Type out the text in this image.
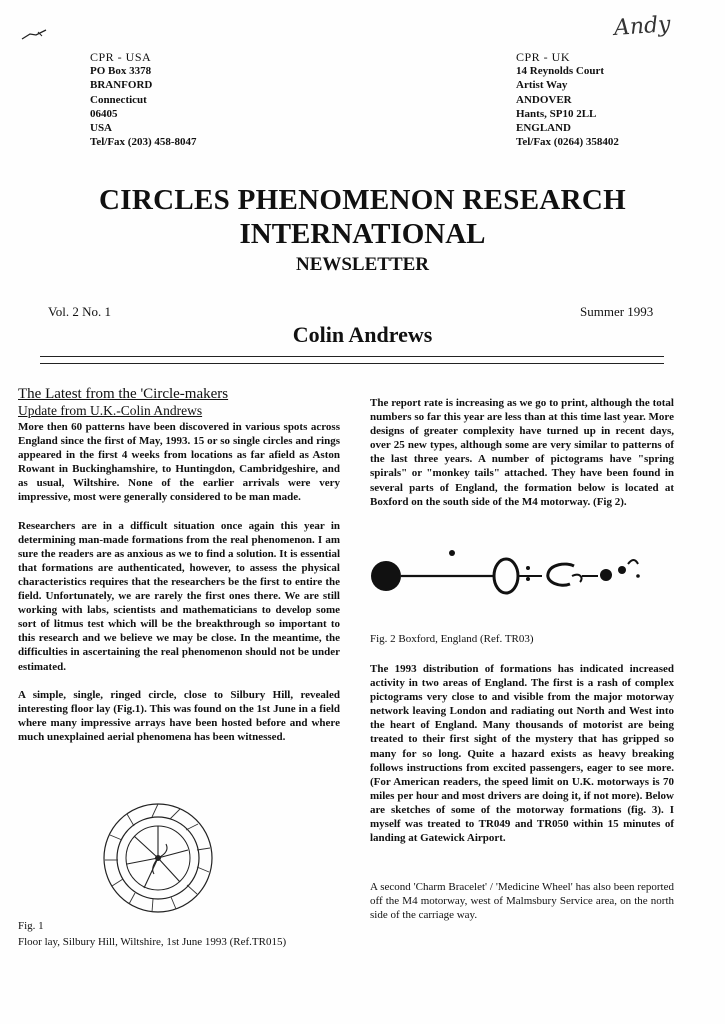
Andy
CPR - USA
PO Box 3378
BRANFORD
Connecticut
06405
USA
Tel/Fax (203) 458-8047
CPR - UK
14 Reynolds Court
Artist Way
ANDOVER
Hants, SP10 2LL
ENGLAND
Tel/Fax (0264) 358402
CIRCLES PHENOMENON RESEARCH
INTERNATIONAL
NEWSLETTER
Vol. 2 No. 1	Summer 1993
Colin Andrews
The Latest from the 'Circle-makers
Update from U.K.-Colin Andrews

More then 60 patterns have been discovered in various spots across England since the first of May, 1993. 15 or so single circles and rings appeared in the first 4 weeks from locations as far afield as Aston Rowant in Buckinghamshire, to Huntingdon, Cambridgeshire, and as usual, Wiltshire. None of the earlier arrivals were very impressive, most were generally considered to be man made.

Researchers are in a difficult situation once again this year in determining man-made formations from the real phenomenon. I am sure the readers are as anxious as we to find a solution. It is essential that formations are authenticated, however, to assess the physical characteristics requires that the researchers be the first to entire the field. Unfortunately, we are rarely the first ones there. We are still working with labs, scientists and mathematicians to develop some sort of litmus test which will be the breakthrough so important to this research and we believe we may be close. In the meantime, the difficulties in ascertaining the real phenomenon should not be under estimated.

A simple, single, ringed circle, close to Silbury Hill, revealed interesting floor lay (Fig.1). This was found on the 1st June in a field where many impressive arrays have been hosted before and where much unexplained aerial phenomena has been witnessed.

Fig. 1
Floor lay, Silbury Hill, Wiltshire, 1st June 1993 (Ref.TR015)

The report rate is increasing as we go to print, although the total numbers so far this year are less than at this time last year. More designs of greater complexity have turned up in recent days, over 25 new types, although some are very similar to patterns of the last three years. A number of pictograms have "spring spirals" or "monkey tails" attached. They have been found in several parts of England, the formation below is located at Boxford on the south side of the M4 motorway. (Fig 2).

Fig. 2 Boxford, England (Ref. TR03)

The 1993 distribution of formations has indicated increased activity in two areas of England. The first is a rash of complex pictograms very close to and visible from the major motorway network leaving London and radiating out North and West into the heart of England. Many thousands of motorist are being treated to their first sight of the mystery that has gripped so many for so long. Quite a hazard exists as heavy breaking follows instructions from excited passengers, eager to see more. (For American readers, the speed limit on U.K. motorways is 70 miles per hour and most drivers are doing it, if not more). Below are sketches of some of the motorway formations (fig. 3). I myself was treated to TR049 and TR050 within 15 minutes of landing at Gatewick Airport.

A second 'Charm Bracelet' / 'Medicine Wheel' has also been reported off the M4 motorway, west of Malmsbury Service area, on the north side of the carriage way.
